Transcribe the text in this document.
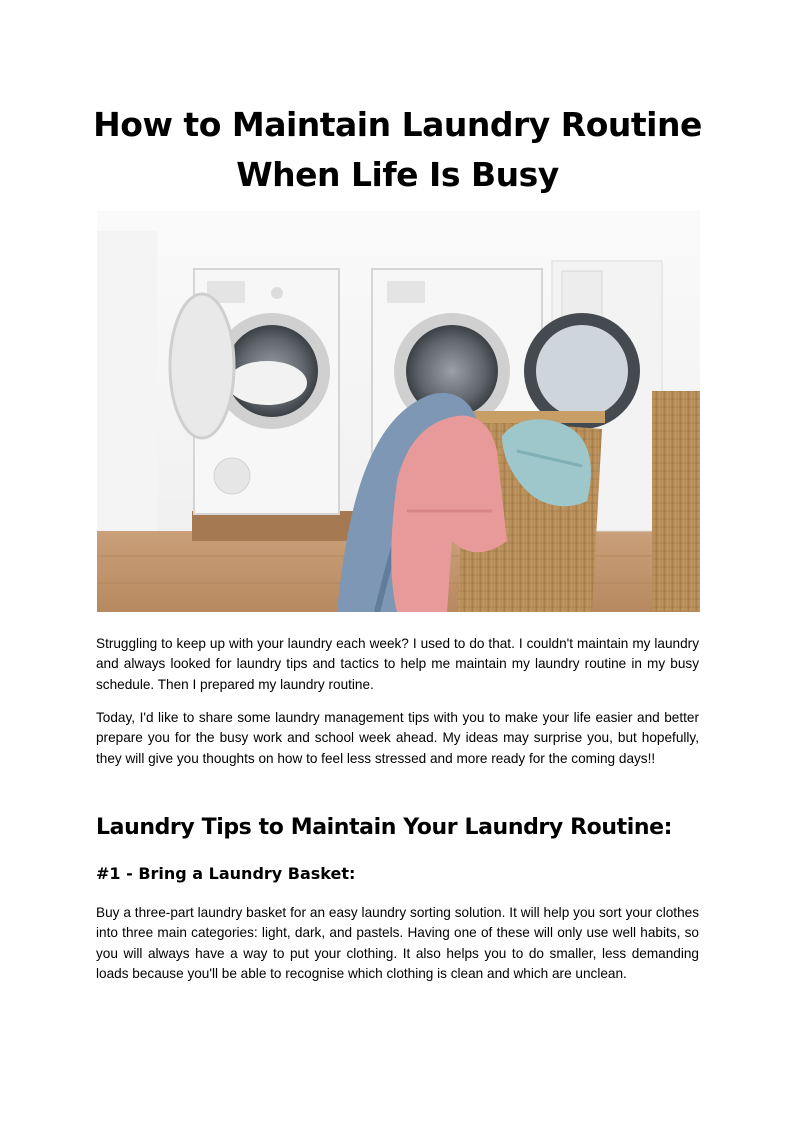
How to Maintain Laundry Routine When Life Is Busy

Struggling to keep up with your laundry each week? I used to do that. I couldn't maintain my laundry and always looked for laundry tips and tactics to help me maintain my laundry routine in my busy schedule. Then I prepared my laundry routine.

Today, I'd like to share some laundry management tips with you to make your life easier and better prepare you for the busy work and school week ahead. My ideas may surprise you, but hopefully, they will give you thoughts on how to feel less stressed and more ready for the coming days!!

Laundry Tips to Maintain Your Laundry Routine:
#1 - Bring a Laundry Basket:

Buy a three-part laundry basket for an easy laundry sorting solution. It will help you sort your clothes into three main categories: light, dark, and pastels. Having one of these will only use well habits, so you will always have a way to put your clothing. It also helps you to do smaller, less demanding loads because you'll be able to recognise which clothing is clean and which are unclean.
